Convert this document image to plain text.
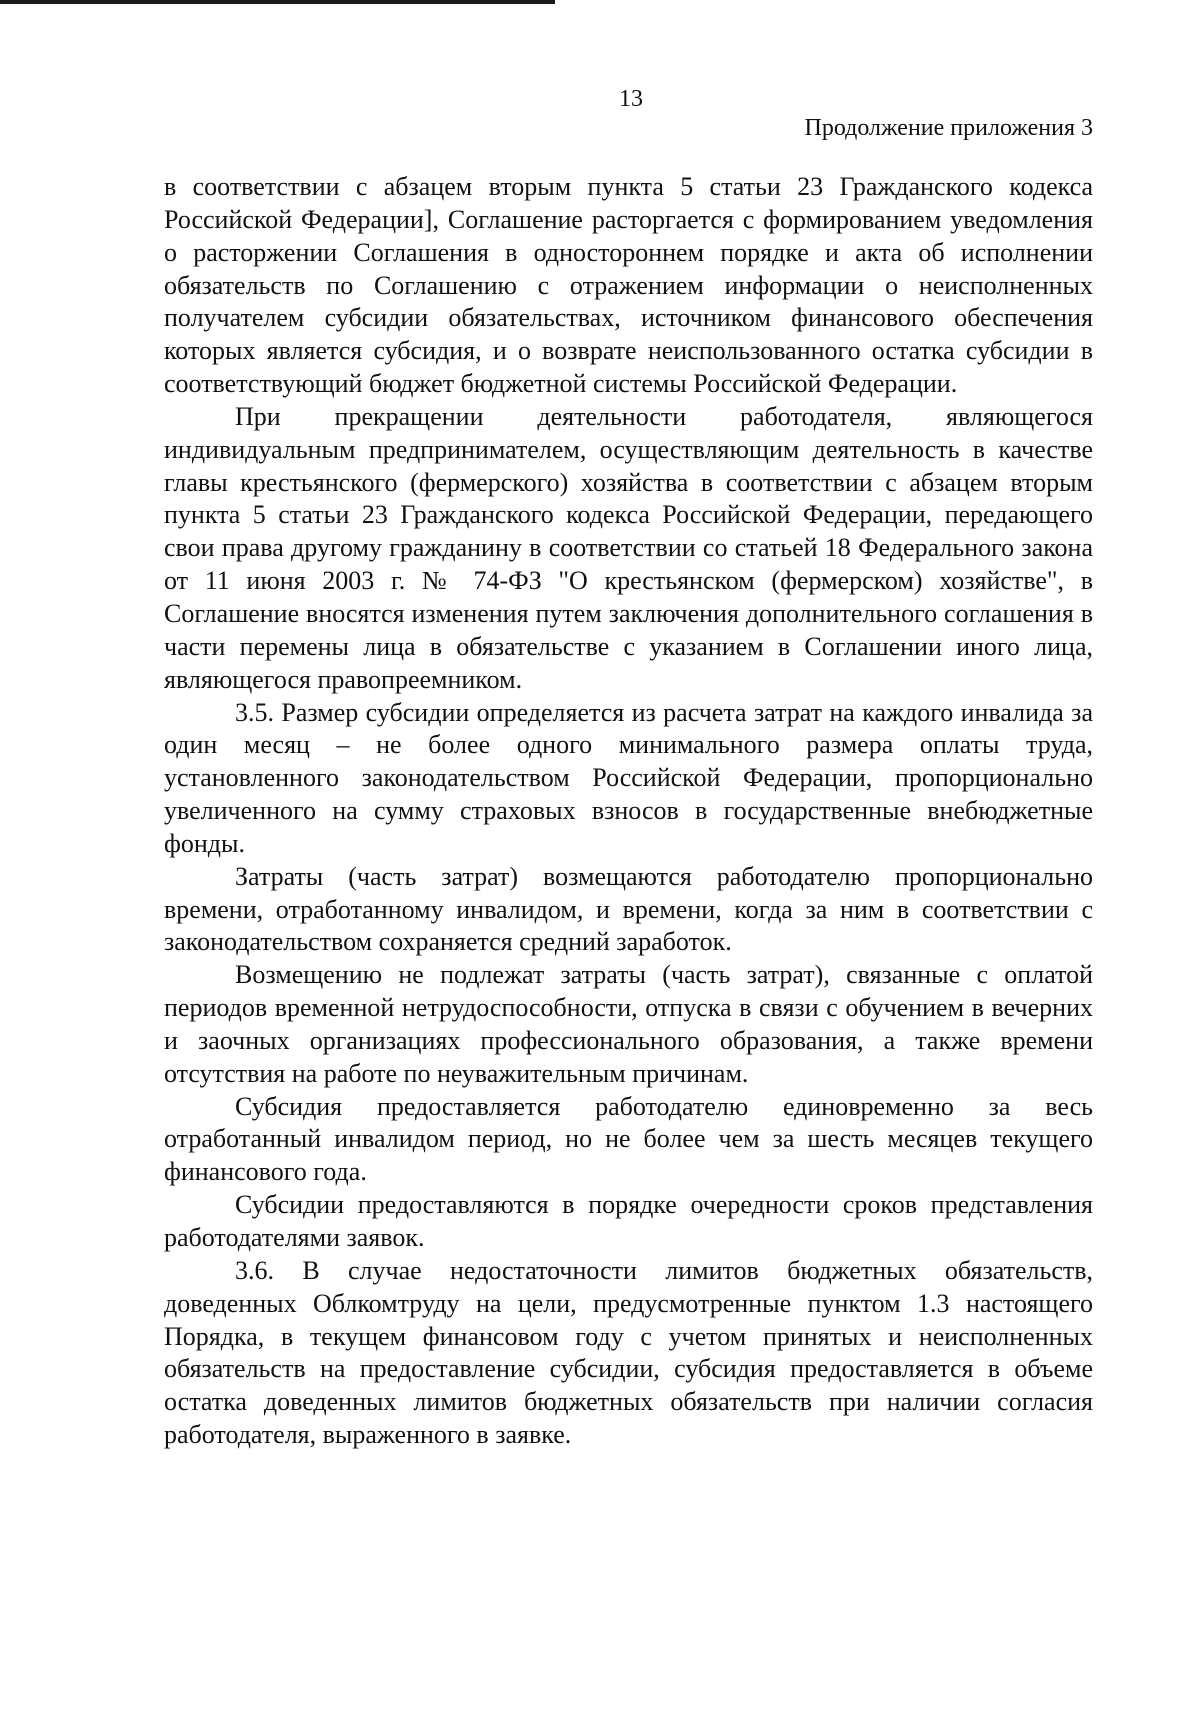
13
Продолжение приложения 3

в соответствии с абзацем вторым пункта 5 статьи 23 Гражданского кодекса Российской Федерации], Соглашение расторгается с формированием уведомления о расторжении Соглашения в одностороннем порядке и акта об исполнении обязательств по Соглашению с отражением информации о неисполненных получателем субсидии обязательствах, источником финансового обеспечения которых является субсидия, и о возврате неиспользованного остатка субсидии в соответствующий бюджет бюджетной системы Российской Федерации.

При прекращении деятельности работодателя, являющегося индивидуальным предпринимателем, осуществляющим деятельность в качестве главы крестьянского (фермерского) хозяйства в соответствии с абзацем вторым пункта 5 статьи 23 Гражданского кодекса Российской Федерации, передающего свои права другому гражданину в соответствии со статьей 18 Федерального закона от 11 июня 2003 г. № 74-ФЗ "О крестьянском (фермерском) хозяйстве", в Соглашение вносятся изменения путем заключения дополнительного соглашения в части перемены лица в обязательстве с указанием в Соглашении иного лица, являющегося правопреемником.

3.5. Размер субсидии определяется из расчета затрат на каждого инвалида за один месяц – не более одного минимального размера оплаты труда, установленного законодательством Российской Федерации, пропорционально увеличенного на сумму страховых взносов в государственные внебюджетные фонды.

Затраты (часть затрат) возмещаются работодателю пропорционально времени, отработанному инвалидом, и времени, когда за ним в соответствии с законодательством сохраняется средний заработок.

Возмещению не подлежат затраты (часть затрат), связанные с оплатой периодов временной нетрудоспособности, отпуска в связи с обучением в вечерних и заочных организациях профессионального образования, а также времени отсутствия на работе по неуважительным причинам.

Субсидия предоставляется работодателю единовременно за весь отработанный инвалидом период, но не более чем за шесть месяцев текущего финансового года.

Субсидии предоставляются в порядке очередности сроков представления работодателями заявок.

3.6. В случае недостаточности лимитов бюджетных обязательств, доведенных Облкомтруду на цели, предусмотренные пунктом 1.3 настоящего Порядка, в текущем финансовом году с учетом принятых и неисполненных обязательств на предоставление субсидии, субсидия предоставляется в объеме остатка доведенных лимитов бюджетных обязательств при наличии согласия работодателя, выраженного в заявке.
